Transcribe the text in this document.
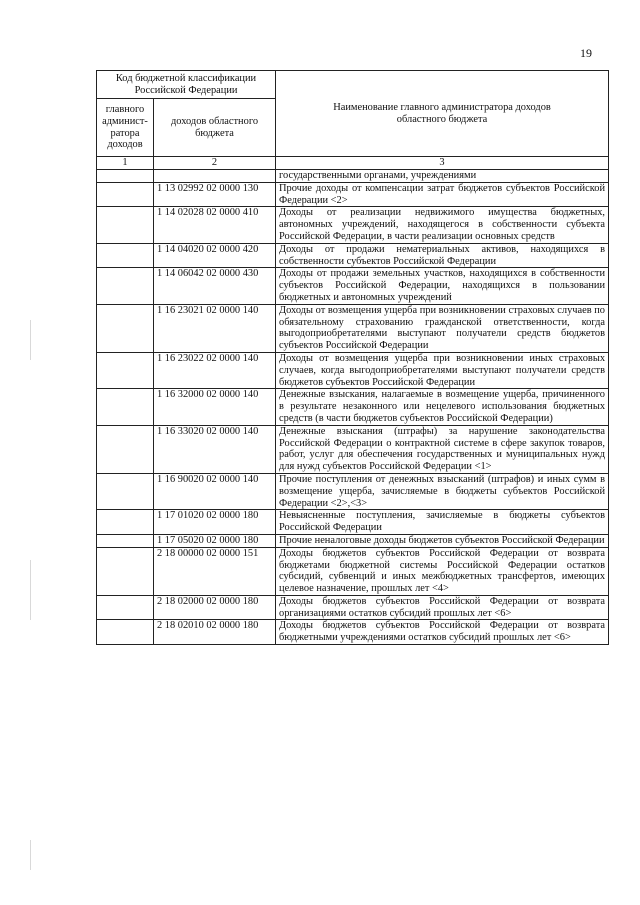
19
Код бюджетной классификации Российской Федерации		Наименование главного администратора доходов областного бюджета
главного админист-ратора доходов	доходов областного бюджета	
1	2	3
		государственными органами, учреждениями
	1 13 02992 02 0000 130	Прочие доходы от компенсации затрат бюджетов субъектов Российской Федерации <2>
	1 14 02028 02 0000 410	Доходы от реализации недвижимого имущества бюджетных, автономных учреждений, находящегося в собственности субъекта Российской Федерации, в части реализации основных средств
	1 14 04020 02 0000 420	Доходы от продажи нематериальных активов, находящихся в собственности субъектов Российской Федерации
	1 14 06042 02 0000 430	Доходы от продажи земельных участков, находящихся в собственности субъектов Российской Федерации, находящихся в пользовании бюджетных и автономных учреждений
	1 16 23021 02 0000 140	Доходы от возмещения ущерба при возникновении страховых случаев по обязательному страхованию гражданской ответственности, когда выгодоприобретателями выступают получатели средств бюджетов субъектов Российской Федерации
	1 16 23022 02 0000 140	Доходы от возмещения ущерба при возникновении иных страховых случаев, когда выгодоприобретателями выступают получатели средств бюджетов субъектов Российской Федерации
	1 16 32000 02 0000 140	Денежные взыскания, налагаемые в возмещение ущерба, причиненного в результате незаконного или нецелевого использования бюджетных средств (в части бюджетов субъектов Российской Федерации)
	1 16 33020 02 0000 140	Денежные взыскания (штрафы) за нарушение законодательства Российской Федерации о контрактной системе в сфере закупок товаров, работ, услуг для обеспечения государственных и муниципальных нужд для нужд субъектов Российской Федерации <1>
	1 16 90020 02 0000 140	Прочие поступления от денежных взысканий (штрафов) и иных сумм в возмещение ущерба, зачисляемые в бюджеты субъектов Российской Федерации <2>,<3>
	1 17 01020 02 0000 180	Невыясненные поступления, зачисляемые в бюджеты субъектов Российской Федерации
	1 17 05020 02 0000 180	Прочие неналоговые доходы бюджетов субъектов Российской Федерации
	2 18 00000 02 0000 151	Доходы бюджетов субъектов Российской Федерации от возврата бюджетами бюджетной системы Российской Федерации остатков субсидий, субвенций и иных межбюджетных трансфертов, имеющих целевое назначение, прошлых лет <4>
	2 18 02000 02 0000 180	Доходы бюджетов субъектов Российской Федерации от возврата организациями остатков субсидий прошлых лет <6>
	2 18 02010 02 0000 180	Доходы бюджетов субъектов Российской Федерации от возврата бюджетными учреждениями остатков субсидий прошлых лет <6>
